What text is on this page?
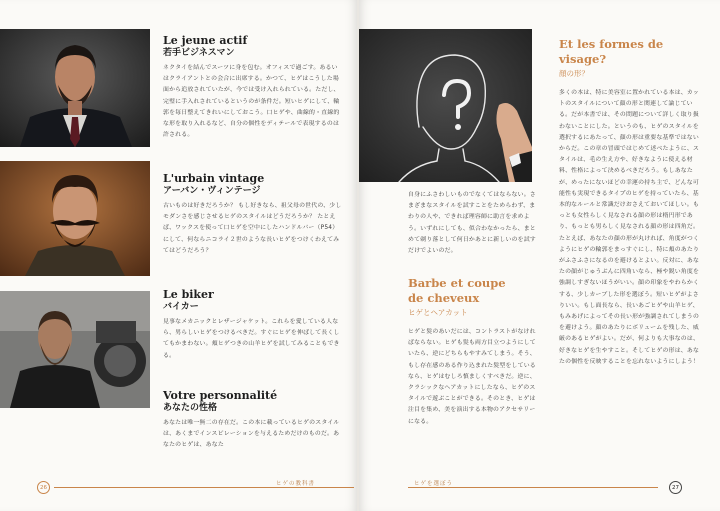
Le jeune actif
若手ビジネスマン
ネクタイを結んでスーツに身を包む。オフィスで過ごす。あるいはクライアントとの会合に出席する。かつて、ヒゲはこうした場面から追放されていたが、今では受け入れられている。ただし、完璧に手入れされているというのが条件だ。短いヒゲにして、輪郭を毎日整えてきれいにしておこう。口ヒゲや、曲線的・直線的な形を取り入れるなど、自分の個性をディテールで表現するのは許される。
L'urbain vintage
アーバン・ヴィンテージ
古いものは好きだろうか？ もし好きなら、祖父母の世代の、少しモダンさを感じさせるヒゲのスタイルはどうだろうか？ たとえば、ワックスを使って口ヒゲを空中にしたハンドルバー（P54）にして、何ならニコライ２世のような長いヒゲをつけくわえてみてはどうだろう？
Le biker
バイカー
見事なメカニックとレザージャケット。これらを愛している人なら、男らしいヒゲをつけるべきだ。すぐにヒゲを伸ばして長くしてもかまわない。頬ヒゲつきの山羊ヒゲを試してみることもできる。
Votre personnalité
あなたの性格
あなたは唯一無二の存在だ。この本に載っているヒゲのスタイルは、あくまでインスピレーションを与えるためだけのものだ。あなたのヒゲは、あなた
26
ヒゲの教科書
Et les formes de visage?
顔の形？
多くの本は、特に美容室に置かれている本は、カットのスタイルについて顔の形と関連して論じている。だが本書では、その問題について詳しく取り扱わないことにした。というのも、ヒゲのスタイルを選択するにあたって、顔の形は重要な基準ではないからだ。この章の冒頭ではじめて述べたように、スタイルは、毛の生え方や、好きなように使える材料、性格によって決めるべきだろう。もしあなたが、めったにないほどの幸運の持ち主で、どんな可能性も実現できるタイプのヒゲを持っていたら、基本的なルールと常識だけおさえておいてほしい。もっとも女性らしく見なされる顔の形は楕円形であり、もっとも男らしく見なされる顔の形は四角だ。たとえば、あなたの顔の形が丸ければ、角度がつくようにヒゲの輪郭をまっすぐにし、特に頬のあたりがふさふさになるのを避けるとよい。反対に、あなたの顔がじゅうぶんに四角いなら、極や鋭い角度を強調しすぎないほうがいい。顔の印象をやわらかくする、少しカーブした形を選ぼう。短いヒゲがよさりいい。もし面長なら、長いあごヒゲや山羊ヒゲ、もみあげによってその長い形が強調されてしまうのを避けよう。顔のあたりにボリュームを残した、威厳のあるヒゲがよい。だが、何よりも大事なのは、好きなヒゲを生やすこと。そしてヒゲの形は、あなたの個性を反映することを忘れないようにしよう！
自身にふさわしいものでなくてはならない。さまざまなスタイルを試すことをためらわず、まわりの人や、できれば理容師に助言を求めよう。いずれにしても、似合わなかったら、まとめて剃り落として何日かあとに新しいのを試すだけでよいのだ。
Barbe et coupe
de cheveux
ヒゲとヘアカット
ヒゲと髪のあいだには、コントラストがなければならない。ヒゲも髪も両方目立つようにしていたら、逆にどちらもやすみてしまう。そう、もし存在感のある作り込まれた髪型をしているなら、ヒゲはむしろ慎ましくすべきだ。逆に、クラシックなヘアカットにしたなら、ヒゲのスタイルで遊ぶことができる。そのとき、ヒゲは注目を集め、美を演出する本物のアクセサリーになる。
ヒゲを選ぼう
27
